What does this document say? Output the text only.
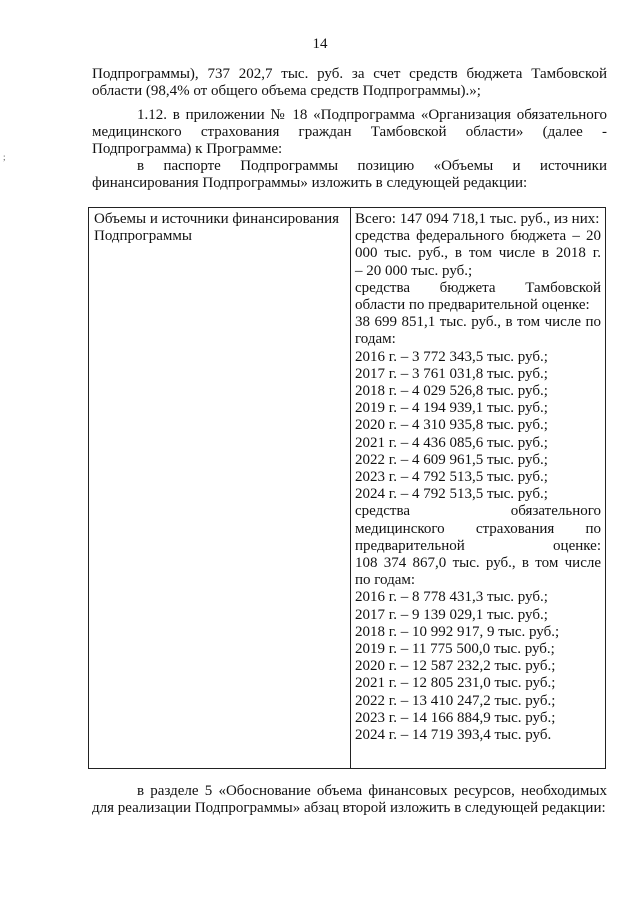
;
14
Подпрограммы), 737 202,7 тыс. руб. за счет средств бюджета Тамбовской области (98,4% от общего объема средств Подпрограммы).»;
1.12. в приложении № 18 «Подпрограмма «Организация обязательного медицинского страхования граждан Тамбовской области» (далее - Подпрограмма) к Программе:
в паспорте Подпрограммы позицию «Объемы и источники финансирования Подпрограммы» изложить в следующей редакции:
Объемы и источники финансирования Подпрограммы
Всего: 147 094 718,1 тыс. руб., из них:
средства федерального бюджета – 20 000 тыс. руб., в том числе в 2018 г.
– 20 000 тыс. руб.;
средства бюджета Тамбовской области по предварительной оценке:
38 699 851,1 тыс. руб., в том числе по годам:
2016 г. – 3 772 343,5 тыс. руб.;
2017 г. – 3 761 031,8 тыс. руб.;
2018 г. – 4 029 526,8 тыс. руб.;
2019 г. – 4 194 939,1 тыс. руб.;
2020 г. – 4 310 935,8 тыс. руб.;
2021 г. – 4 436 085,6 тыс. руб.;
2022 г. – 4 609 961,5 тыс. руб.;
2023 г. – 4 792 513,5 тыс. руб.;
2024 г. – 4 792 513,5 тыс. руб.;
средства обязательного
медицинского страхования по
предварительной оценке:
108 374 867,0 тыс. руб., в том числе по годам:
2016 г. – 8 778 431,3 тыс. руб.;
2017 г. – 9 139 029,1 тыс. руб.;
2018 г. – 10 992 917, 9 тыс. руб.;
2019 г. – 11 775 500,0 тыс. руб.;
2020 г. – 12 587 232,2 тыс. руб.;
2021 г. – 12 805 231,0 тыс. руб.;
2022 г. – 13 410 247,2 тыс. руб.;
2023 г. – 14 166 884,9 тыс. руб.;
2024 г. – 14 719 393,4 тыс. руб.
в разделе 5 «Обоснование объема финансовых ресурсов, необходимых для реализации Подпрограммы» абзац второй изложить в следующей редакции:
